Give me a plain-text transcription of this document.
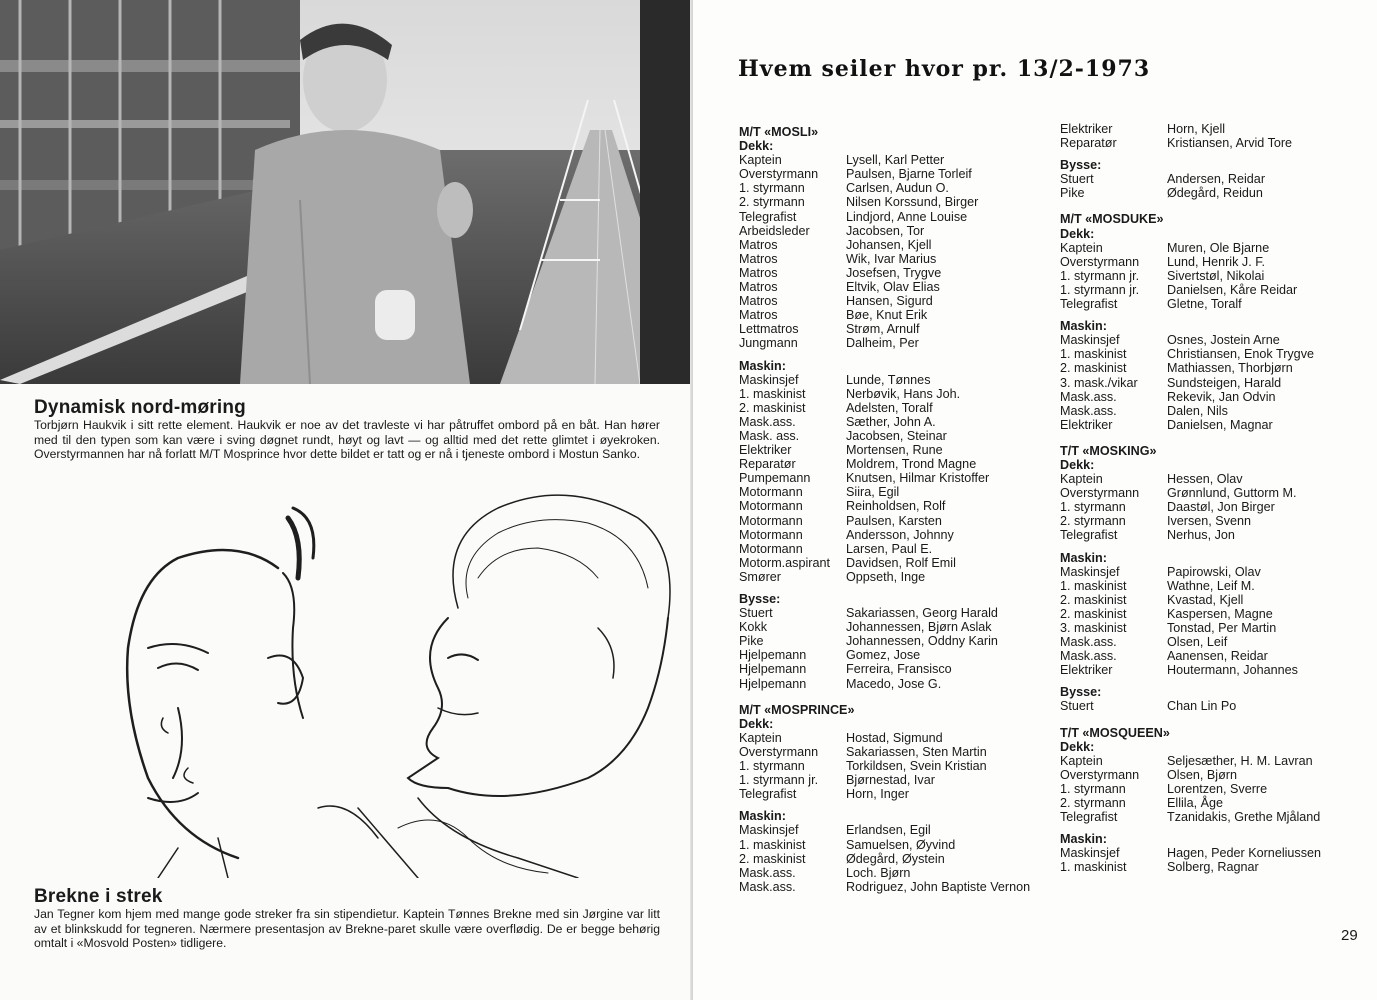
Dynamisk nord-møring
Torbjørn Haukvik i sitt rette element. Haukvik er noe av det travleste vi har påtruffet ombord på en båt. Han hører med til den typen som kan være i sving døgnet rundt, høyt og lavt — og alltid med det rette glimtet i øyekroken. Overstyrmannen har nå forlatt M/T Mosprince hvor dette bildet er tatt og er nå i tjeneste ombord i Mostun Sanko.
Brekne i strek
Jan Tegner kom hjem med mange gode streker fra sin stipendietur. Kaptein Tønnes Brekne med sin Jørgine var litt av et blinkskudd for tegneren. Nærmere presentasjon av Brekne-paret skulle være overflødig. De er begge behørig omtalt i «Mosvold Posten» tidligere.
Hvem seiler hvor pr. 13/2-1973
M/T «MOSLI»
Dekk:
Kaptein	Lysell, Karl Petter
Overstyrmann	Paulsen, Bjarne Torleif
1. styrmann	Carlsen, Audun O.
2. styrmann	Nilsen Korssund, Birger
Telegrafist	Lindjord, Anne Louise
Arbeidsleder	Jacobsen, Tor
Matros	Johansen, Kjell
Matros	Wik, Ivar Marius
Matros	Josefsen, Trygve
Matros	Eltvik, Olav Elias
Matros	Hansen, Sigurd
Matros	Bøe, Knut Erik
Lettmatros	Strøm, Arnulf
Jungmann	Dalheim, Per
Maskin:
Maskinsjef	Lunde, Tønnes
1. maskinist	Nerbøvik, Hans Joh.
2. maskinist	Adelsten, Toralf
Mask.ass.	Sæther, John A.
Mask. ass.	Jacobsen, Steinar
Elektriker	Mortensen, Rune
Reparatør	Moldrem, Trond Magne
Pumpemann	Knutsen, Hilmar Kristoffer
Motormann	Siira, Egil
Motormann	Reinholdsen, Rolf
Motormann	Paulsen, Karsten
Motormann	Andersson, Johnny
Motormann	Larsen, Paul E.
Motorm.aspirant	Davidsen, Rolf Emil
Smører	Oppseth, Inge
Bysse:
Stuert	Sakariassen, Georg Harald
Kokk	Johannessen, Bjørn Aslak
Pike	Johannessen, Oddny Karin
Hjelpemann	Gomez, Jose
Hjelpemann	Ferreira, Fransisco
Hjelpemann	Macedo, Jose G.
M/T «MOSPRINCE»
Dekk:
Kaptein	Hostad, Sigmund
Overstyrmann	Sakariassen, Sten Martin
1. styrmann	Torkildsen, Svein Kristian
1. styrmann jr.	Bjørnestad, Ivar
Telegrafist	Horn, Inger
Maskin:
Maskinsjef	Erlandsen, Egil
1. maskinist	Samuelsen, Øyvind
2. maskinist	Ødegård, Øystein
Mask.ass.	Loch. Bjørn
Mask.ass.	Rodriguez, John Baptiste Vernon
Elektriker	Horn, Kjell
Reparatør	Kristiansen, Arvid Tore
Bysse:
Stuert	Andersen, Reidar
Pike	Ødegård, Reidun
M/T «MOSDUKE»
Dekk:
Kaptein	Muren, Ole Bjarne
Overstyrmann	Lund, Henrik J. F.
1. styrmann jr.	Sivertstøl, Nikolai
1. styrmann jr.	Danielsen, Kåre Reidar
Telegrafist	Gletne, Toralf
Maskin:
Maskinsjef	Osnes, Jostein Arne
1. maskinist	Christiansen, Enok Trygve
2. maskinist	Mathiassen, Thorbjørn
3. mask./vikar	Sundsteigen, Harald
Mask.ass.	Rekevik, Jan Odvin
Mask.ass.	Dalen, Nils
Elektriker	Danielsen, Magnar
T/T «MOSKING»
Dekk:
Kaptein	Hessen, Olav
Overstyrmann	Grønnlund, Guttorm M.
1. styrmann	Daastøl, Jon Birger
2. styrmann	Iversen, Svenn
Telegrafist	Nerhus, Jon
Maskin:
Maskinsjef	Papirowski, Olav
1. maskinist	Wathne, Leif M.
2. maskinist	Kvastad, Kjell
2. maskinist	Kaspersen, Magne
3. maskinist	Tonstad, Per Martin
Mask.ass.	Olsen, Leif
Mask.ass.	Aanensen, Reidar
Elektriker	Houtermann, Johannes
Bysse:
Stuert	Chan Lin Po
T/T «MOSQUEEN»
Dekk:
Kaptein	Seljesæther, H. M. Lavran
Overstyrmann	Olsen, Bjørn
1. styrmann	Lorentzen, Sverre
2. styrmann	Ellila, Åge
Telegrafist	Tzanidakis, Grethe Mjåland
Maskin:
Maskinsjef	Hagen, Peder Korneliussen
1. maskinist	Solberg, Ragnar
29
